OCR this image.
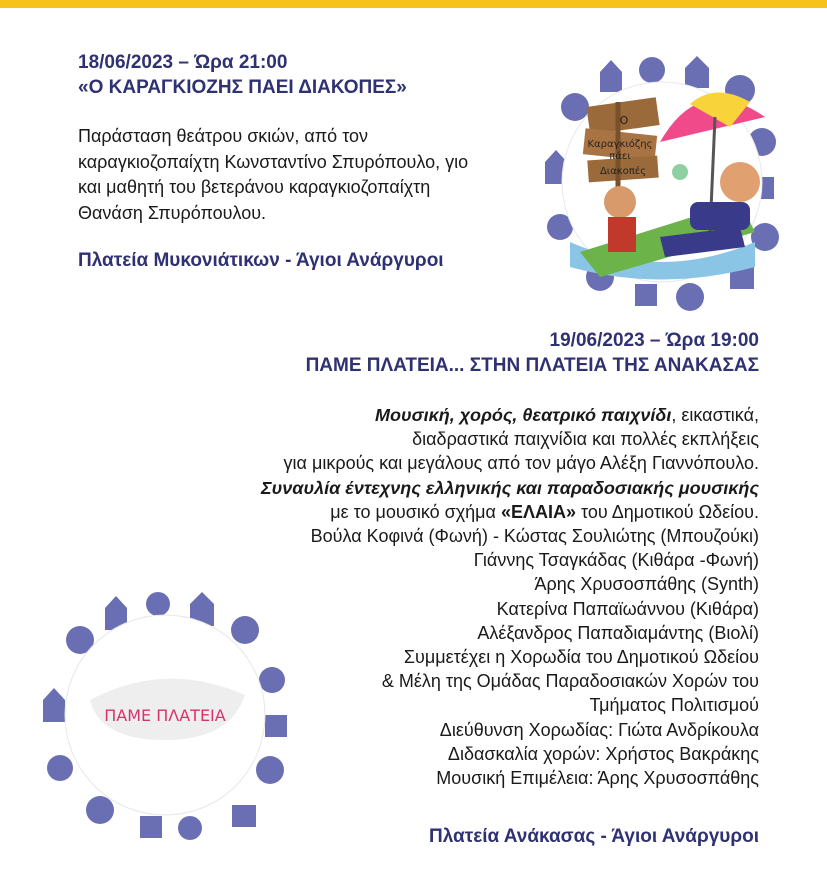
18/06/2023 – Ώρα 21:00
«Ο ΚΑΡΑΓΚΙΟΖΗΣ ΠΑΕΙ ΔΙΑΚΟΠΕΣ»
Παράσταση θεάτρου σκιών, από τον
καραγκιοζοπαίχτη Κωνσταντίνο Σπυρόπουλο, γιο
και μαθητή του βετεράνου καραγκιοζοπαίχτη
Θανάση Σπυρόπουλου.
Πλατεία Μυκονιάτικων - Άγιοι Ανάργυροι
Ο
Καραγκιόζης
πάει
Διακοπές
19/06/2023 – Ώρα 19:00
ΠΑΜΕ ΠΛΑΤΕΙΑ... ΣΤΗΝ ΠΛΑΤΕΙΑ ΤΗΣ ΑΝΑΚΑΣΑΣ
Μουσική, χορός, θεατρικό παιχνίδι, εικαστικά,
διαδραστικά παιχνίδια και πολλές εκπλήξεις
για μικρούς και μεγάλους από τον μάγο Αλέξη Γιαννόπουλο.
Συναυλία έντεχνης ελληνικής και παραδοσιακής μουσικής
με το μουσικό σχήμα «ΕΛΑΙΑ» του Δημοτικού Ωδείου.
Βούλα Κοφινά (Φωνή) - Κώστας Σουλιώτης (Μπουζούκι)
Γιάννης Τσαγκάδας (Κιθάρα -Φωνή)
Άρης Χρυσοσπάθης (Synth)
Κατερίνα Παπαϊωάννου (Κιθάρα)
Αλέξανδρος Παπαδιαμάντης (Βιολί)
Συμμετέχει η Χορωδία του Δημοτικού Ωδείου
& Μέλη της Ομάδας Παραδοσιακών Χορών του
Τμήματος Πολιτισμού
Διεύθυνση Χορωδίας: Γιώτα Ανδρίκουλα
Διδασκαλία χορών: Χρήστος Βακράκης
Μουσική Επιμέλεια: Άρης Χρυσοσπάθης
Πλατεία Ανάκασας - Άγιοι Ανάργυροι
ΠΑΜΕ ΠΛΑΤΕΙΑ
